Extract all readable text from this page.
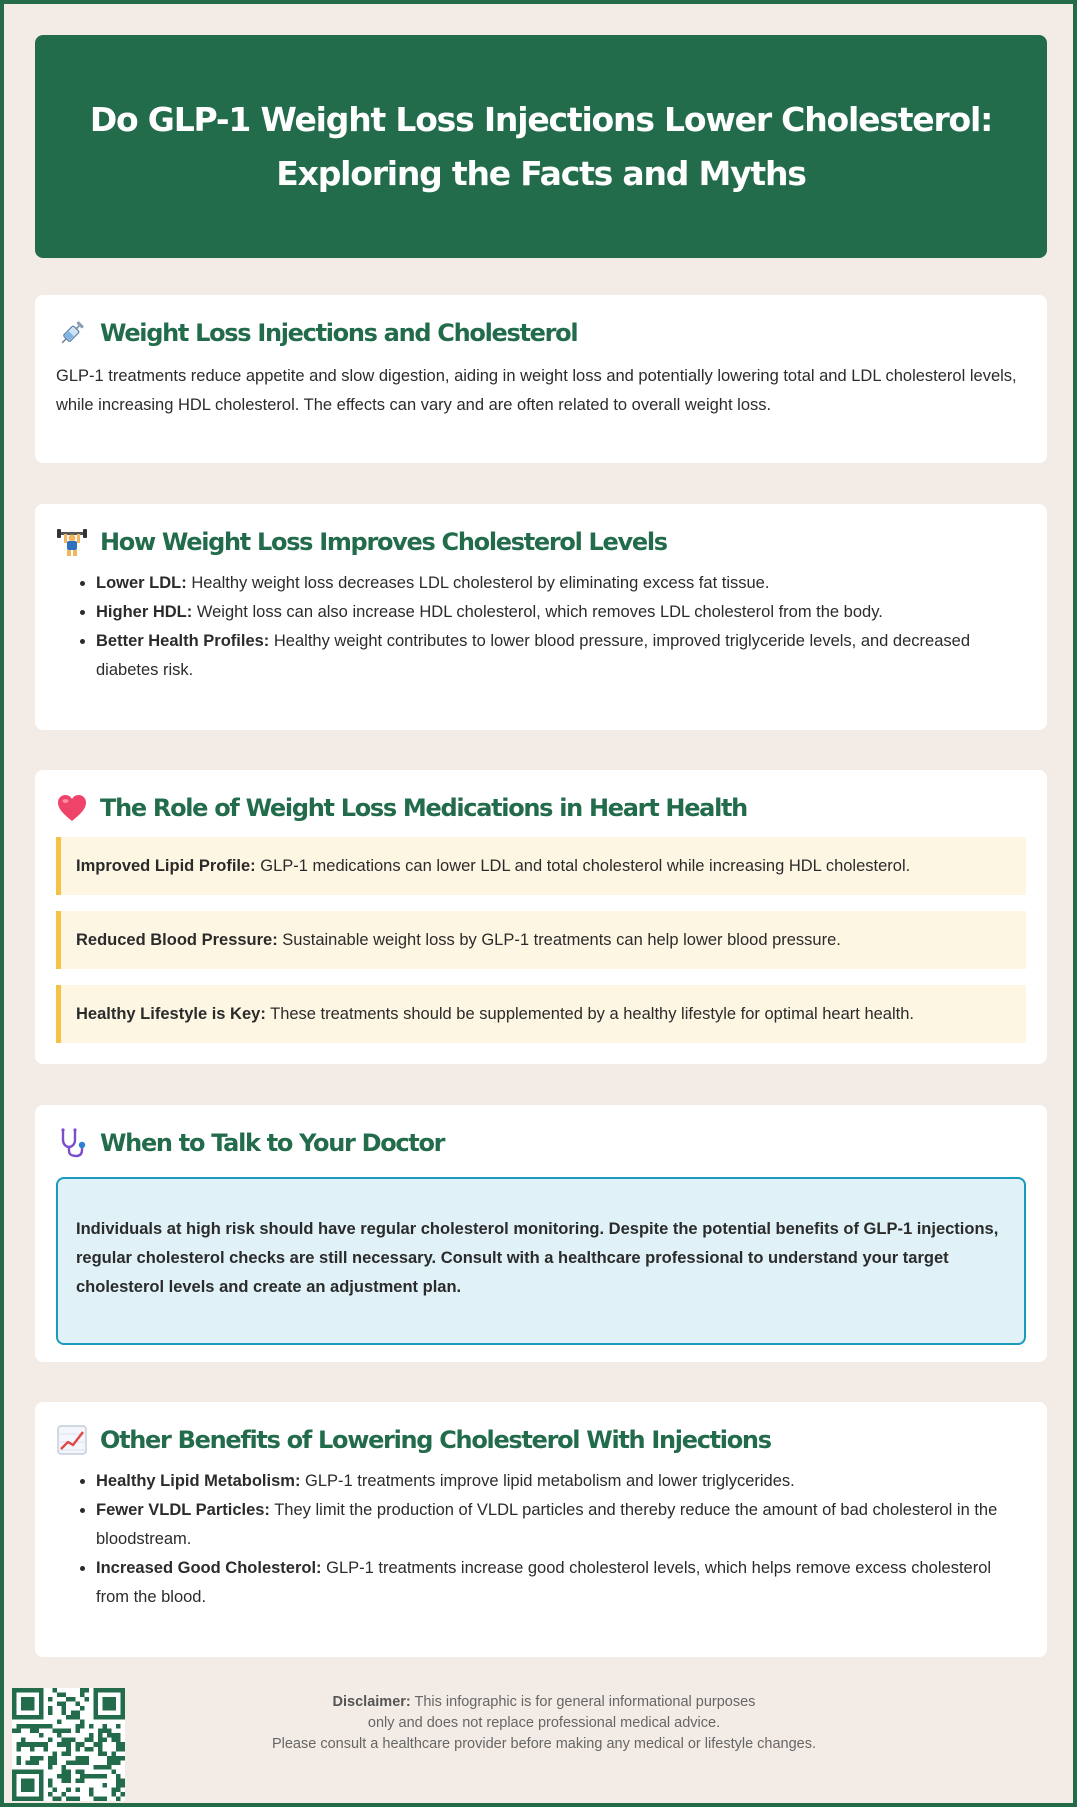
Do GLP-1 Weight Loss Injections Lower Cholesterol: Exploring the Facts and Myths
Weight Loss Injections and Cholesterol

GLP-1 treatments reduce appetite and slow digestion, aiding in weight loss and potentially lowering total and LDL cholesterol levels, while increasing HDL cholesterol. The effects can vary and are often related to overall weight loss.

How Weight Loss Improves Cholesterol Levels
• Lower LDL: Healthy weight loss decreases LDL cholesterol by eliminating excess fat tissue.
• Higher HDL: Weight loss can also increase HDL cholesterol, which removes LDL cholesterol from the body.
• Better Health Profiles: Healthy weight contributes to lower blood pressure, improved triglyceride levels, and decreased diabetes risk.
The Role of Weight Loss Medications in Heart Health
Improved Lipid Profile: GLP-1 medications can lower LDL and total cholesterol while increasing HDL cholesterol.
Reduced Blood Pressure: Sustainable weight loss by GLP-1 treatments can help lower blood pressure.
Healthy Lifestyle is Key: These treatments should be supplemented by a healthy lifestyle for optimal heart health.
When to Talk to Your Doctor
Individuals at high risk should have regular cholesterol monitoring. Despite the potential benefits of GLP-1 injections, regular cholesterol checks are still necessary. Consult with a healthcare professional to understand your target cholesterol levels and create an adjustment plan.
Other Benefits of Lowering Cholesterol With Injections
• Healthy Lipid Metabolism: GLP-1 treatments improve lipid metabolism and lower triglycerides.
• Fewer VLDL Particles: They limit the production of VLDL particles and thereby reduce the amount of bad cholesterol in the bloodstream.
• Increased Good Cholesterol: GLP-1 treatments increase good cholesterol levels, which helps remove excess cholesterol from the blood.
Disclaimer: This infographic is for general informational purposes
only and does not replace professional medical advice.
Please consult a healthcare provider before making any medical or lifestyle changes.
